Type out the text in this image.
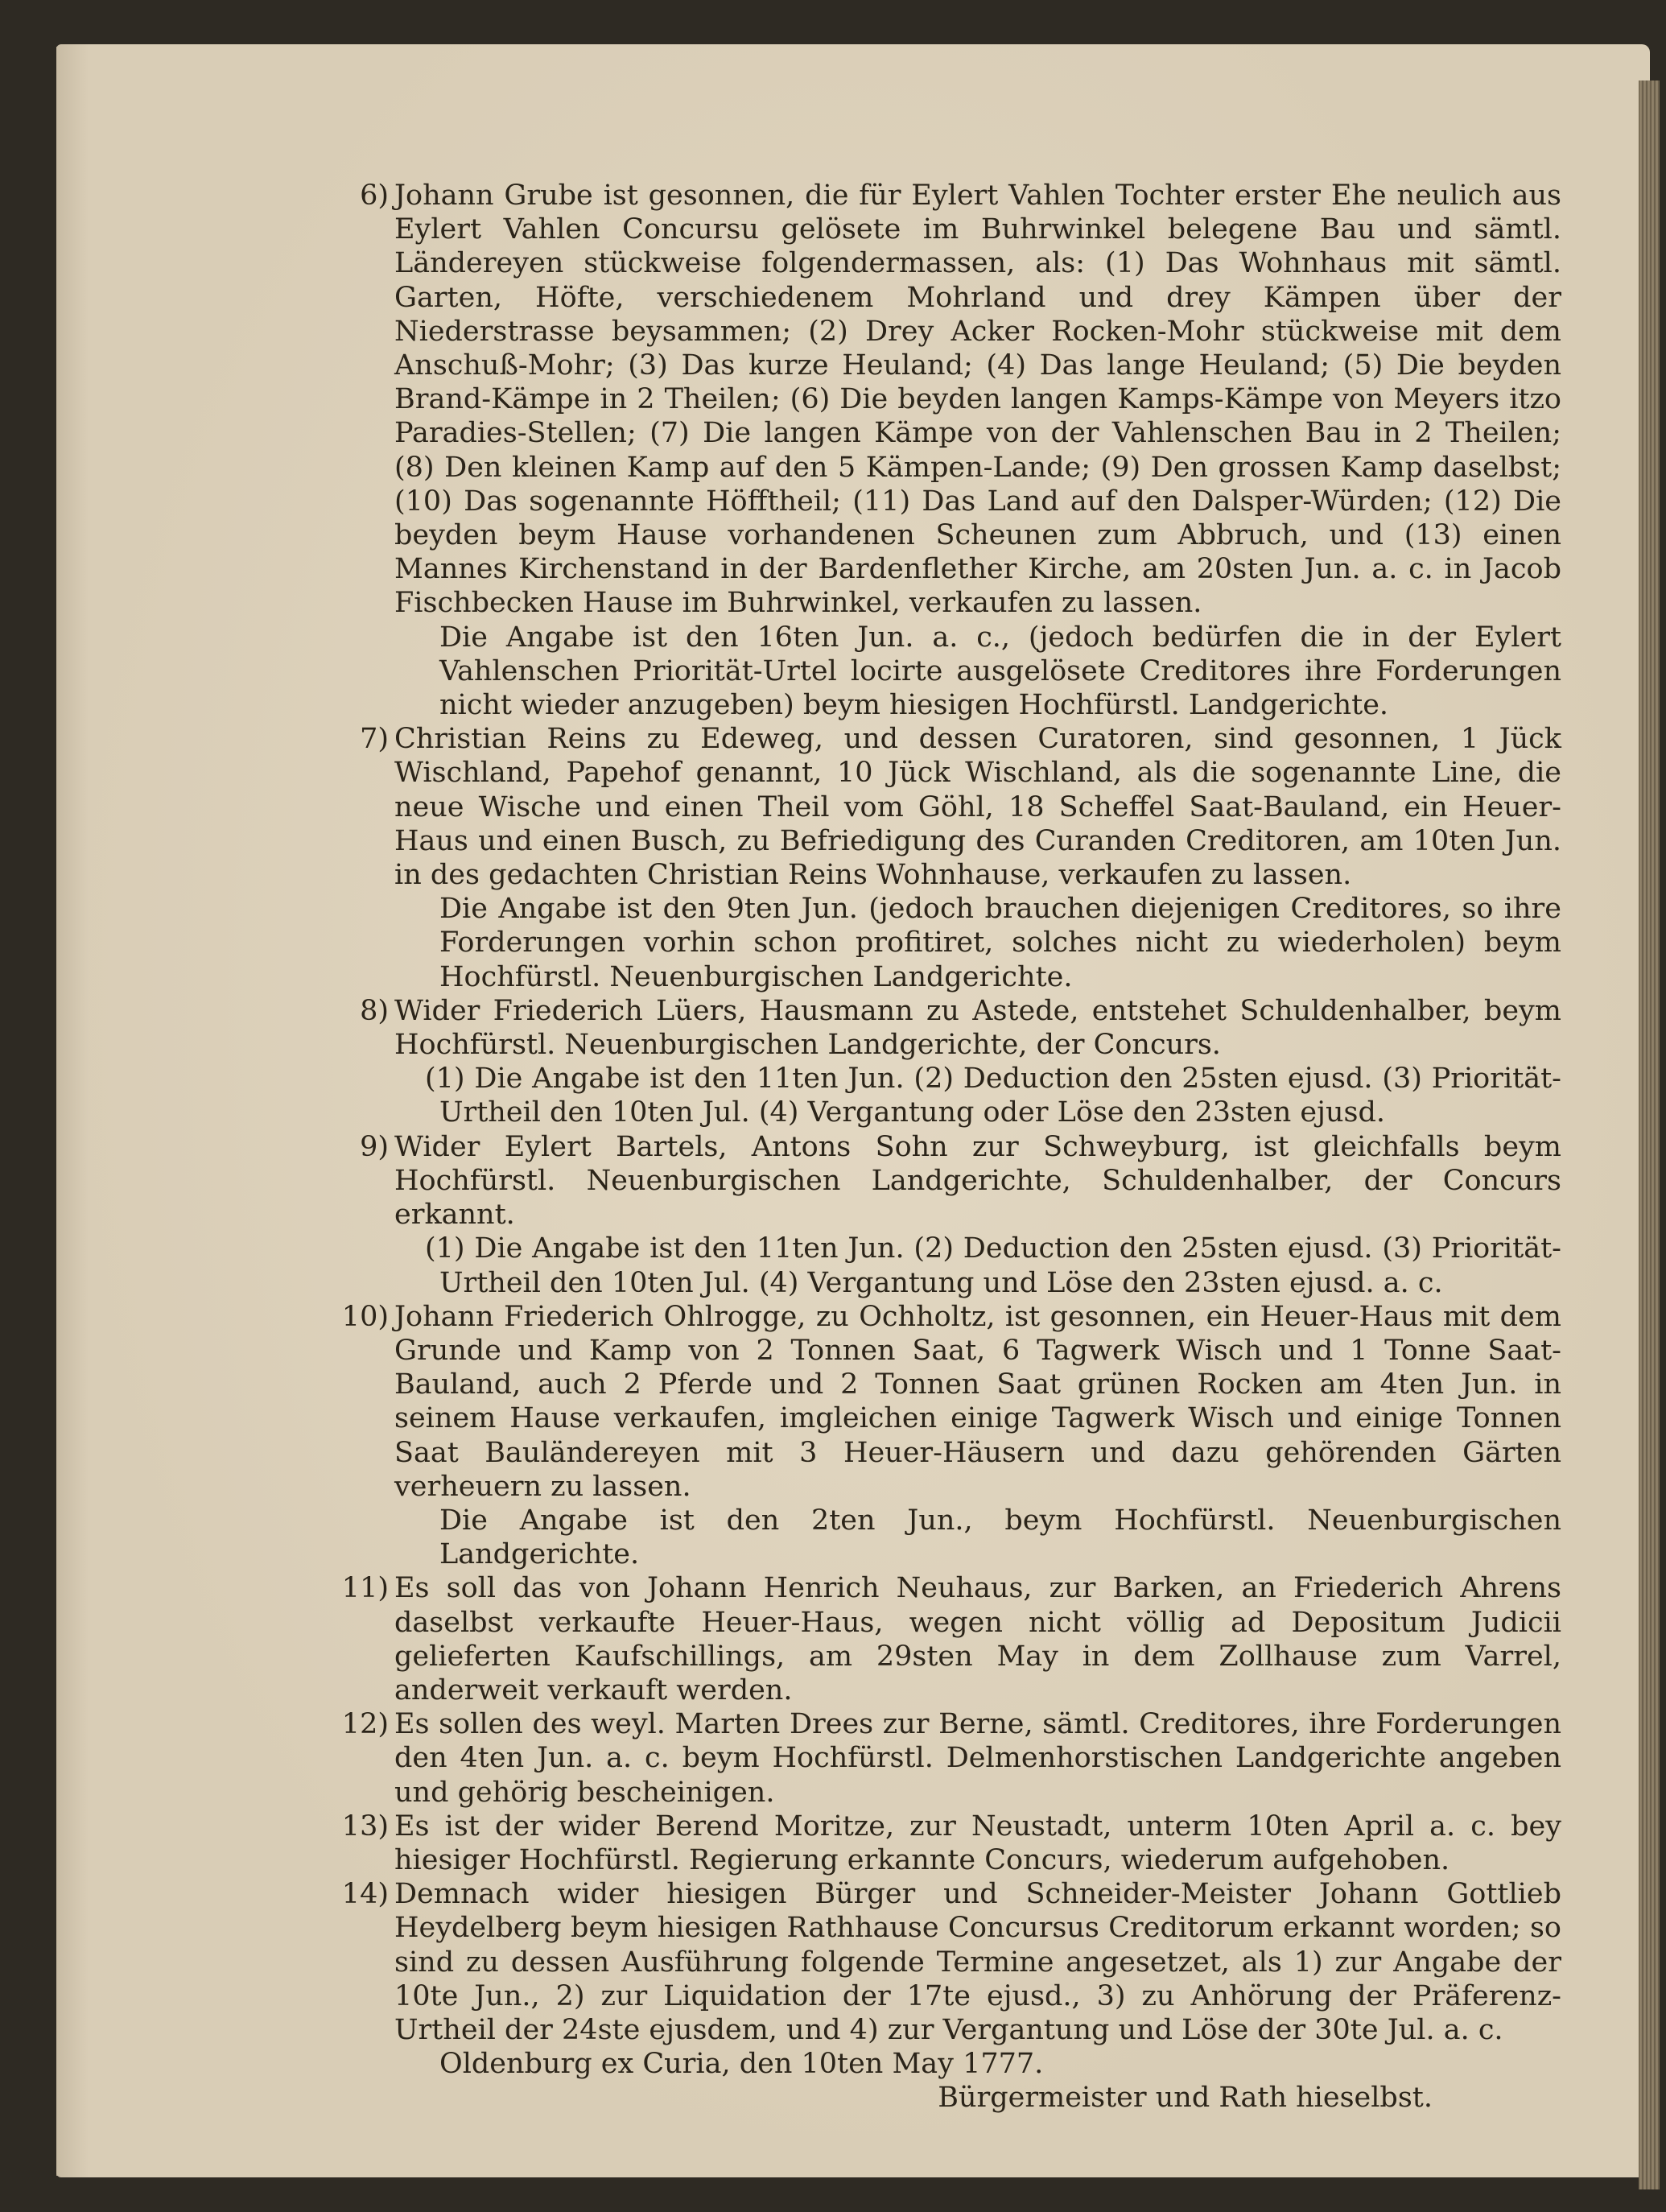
6) Johann Grube ist gesonnen, die für Eylert Vahlen Tochter erster Ehe neulich aus Eylert Vahlen Concursu gelösete im Buhrwinkel belegene Bau und sämtl. Ländereyen stückweise folgendermassen, als: (1) Das Wohnhaus mit sämtl. Garten, Höfte, verschiedenem Mohrland und drey Kämpen über der Niederstrasse beysammen; (2) Drey Acker Rocken-Mohr stückweise mit dem Anschuß-Mohr; (3) Das kurze Heuland; (4) Das lange Heuland; (5) Die beyden Brand-Kämpe in 2 Theilen; (6) Die beyden langen Kamps-Kämpe von Meyers itzo Paradies-Stellen; (7) Die langen Kämpe von der Vahlenschen Bau in 2 Theilen; (8) Den kleinen Kamp auf den 5 Kämpen-Lande; (9) Den grossen Kamp daselbst; (10) Das sogenannte Höfftheil; (11) Das Land auf den Dalsper-Würden; (12) Die beyden beym Hause vorhandenen Scheunen zum Abbruch, und (13) einen Mannes Kirchenstand in der Bardenflether Kirche, am 20sten Jun. a. c. in Jacob Fischbecken Hause im Buhrwinkel, verkaufen zu lassen.
Die Angabe ist den 16ten Jun. a. c., (jedoch bedürfen die in der Eylert Vahlenschen Priorität-Urtel locirte ausgelösete Creditores ihre Forderungen nicht wieder anzugeben) beym hiesigen Hochfürstl. Landgerichte.
7) Christian Reins zu Edeweg, und dessen Curatoren, sind gesonnen, 1 Jück Wischland, Papehof genannt, 10 Jück Wischland, als die sogenannte Line, die neue Wische und einen Theil vom Göhl, 18 Scheffel Saat-Bauland, ein Heuer-Haus und einen Busch, zu Befriedigung des Curanden Creditoren, am 10ten Jun. in des gedachten Christian Reins Wohnhause, verkaufen zu lassen.
Die Angabe ist den 9ten Jun. (jedoch brauchen diejenigen Creditores, so ihre Forderungen vorhin schon profitiret, solches nicht zu wiederholen) beym Hochfürstl. Neuenburgischen Landgerichte.
8) Wider Friederich Lüers, Hausmann zu Astede, entstehet Schuldenhalber, beym Hochfürstl. Neuenburgischen Landgerichte, der Concurs.
(1) Die Angabe ist den 11ten Jun. (2) Deduction den 25sten ejusd. (3) Priorität-Urtheil den 10ten Jul. (4) Vergantung oder Löse den 23sten ejusd.
9) Wider Eylert Bartels, Antons Sohn zur Schweyburg, ist gleichfalls beym Hochfürstl. Neuenburgischen Landgerichte, Schuldenhalber, der Concurs erkannt.
(1) Die Angabe ist den 11ten Jun. (2) Deduction den 25sten ejusd. (3) Priorität-Urtheil den 10ten Jul. (4) Vergantung und Löse den 23sten ejusd. a. c.
10) Johann Friederich Ohlrogge, zu Ochholtz, ist gesonnen, ein Heuer-Haus mit dem Grunde und Kamp von 2 Tonnen Saat, 6 Tagwerk Wisch und 1 Tonne Saat-Bauland, auch 2 Pferde und 2 Tonnen Saat grünen Rocken am 4ten Jun. in seinem Hause verkaufen, imgleichen einige Tagwerk Wisch und einige Tonnen Saat Bauländereyen mit 3 Heuer-Häusern und dazu gehörenden Gärten verheuern zu lassen.
Die Angabe ist den 2ten Jun., beym Hochfürstl. Neuenburgischen Landgerichte.
11) Es soll das von Johann Henrich Neuhaus, zur Barken, an Friederich Ahrens daselbst verkaufte Heuer-Haus, wegen nicht völlig ad Depositum Judicii gelieferten Kaufschillings, am 29sten May in dem Zollhause zum Varrel, anderweit verkauft werden.
12) Es sollen des weyl. Marten Drees zur Berne, sämtl. Creditores, ihre Forderungen den 4ten Jun. a. c. beym Hochfürstl. Delmenhorstischen Landgerichte angeben und gehörig bescheinigen.
13) Es ist der wider Berend Moritze, zur Neustadt, unterm 10ten April a. c. bey hiesiger Hochfürstl. Regierung erkannte Concurs, wiederum aufgehoben.
14) Demnach wider hiesigen Bürger und Schneider-Meister Johann Gottlieb Heydelberg beym hiesigen Rathhause Concursus Creditorum erkannt worden; so sind zu dessen Ausführung folgende Termine angesetzet, als 1) zur Angabe der 10te Jun., 2) zur Liquidation der 17te ejusd., 3) zu Anhörung der Präferenz-Urtheil der 24ste ejusdem, und 4) zur Vergantung und Löse der 30te Jul. a. c.
Oldenburg ex Curia, den 10ten May 1777.
Bürgermeister und Rath hieselbst.
